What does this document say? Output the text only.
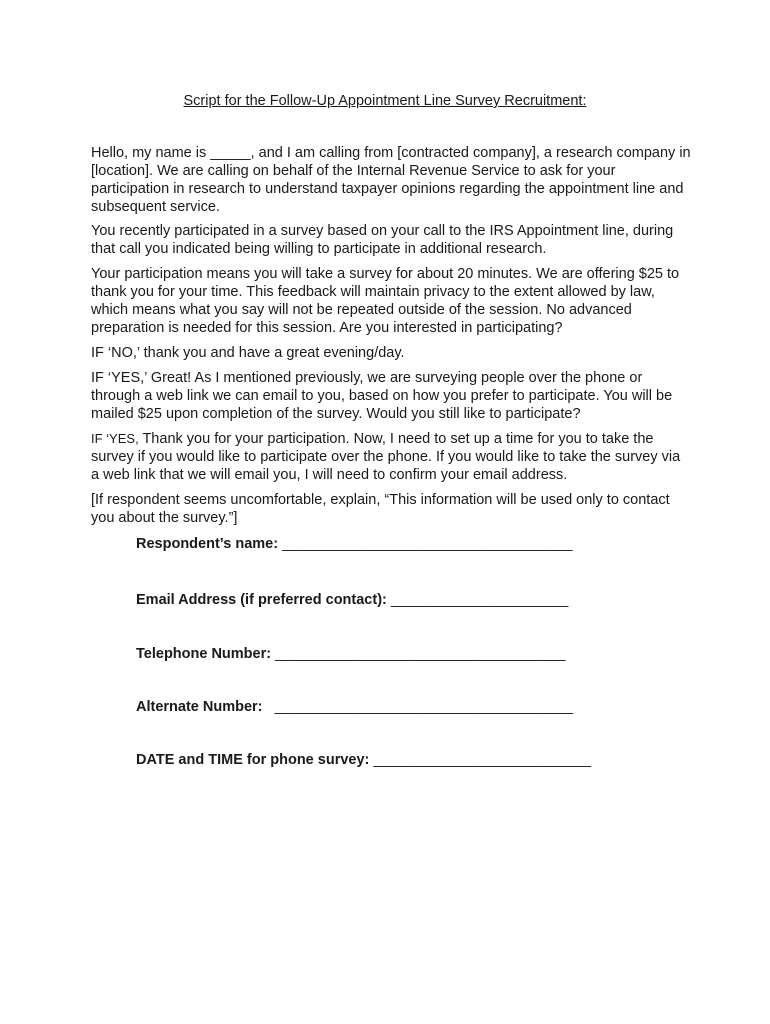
Script for the Follow-Up Appointment Line Survey Recruitment:

Hello, my name is _____, and I am calling from [contracted company], a research company in [location]. We are calling on behalf of the Internal Revenue Service to ask for your participation in research to understand taxpayer opinions regarding the appointment line and subsequent service.

You recently participated in a survey based on your call to the IRS Appointment line, during that call you indicated being willing to participate in additional research.

Your participation means you will take a survey for about 20 minutes. We are offering $25 to thank you for your time. This feedback will maintain privacy to the extent allowed by law, which means what you say will not be repeated outside of the session. No advanced preparation is needed for this session. Are you interested in participating?

IF ‘NO,’ thank you and have a great evening/day.

IF ‘YES,’ Great! As I mentioned previously, we are surveying people over the phone or through a web link we can email to you, based on how you prefer to participate. You will be mailed $25 upon completion of the survey. Would you still like to participate?

IF ‘YES, Thank you for your participation. Now, I need to set up a time for you to take the survey if you would like to participate over the phone. If you would like to take the survey via a web link that we will email you, I will need to confirm your email address.

[If respondent seems uncomfortable, explain, “This information will be used only to contact you about the survey.”]

Respondent’s name: ____________________________________
Email Address (if preferred contact): ______________________
Telephone Number: ____________________________________
Alternate Number:   _____________________________________
DATE and TIME for phone survey: ___________________________
